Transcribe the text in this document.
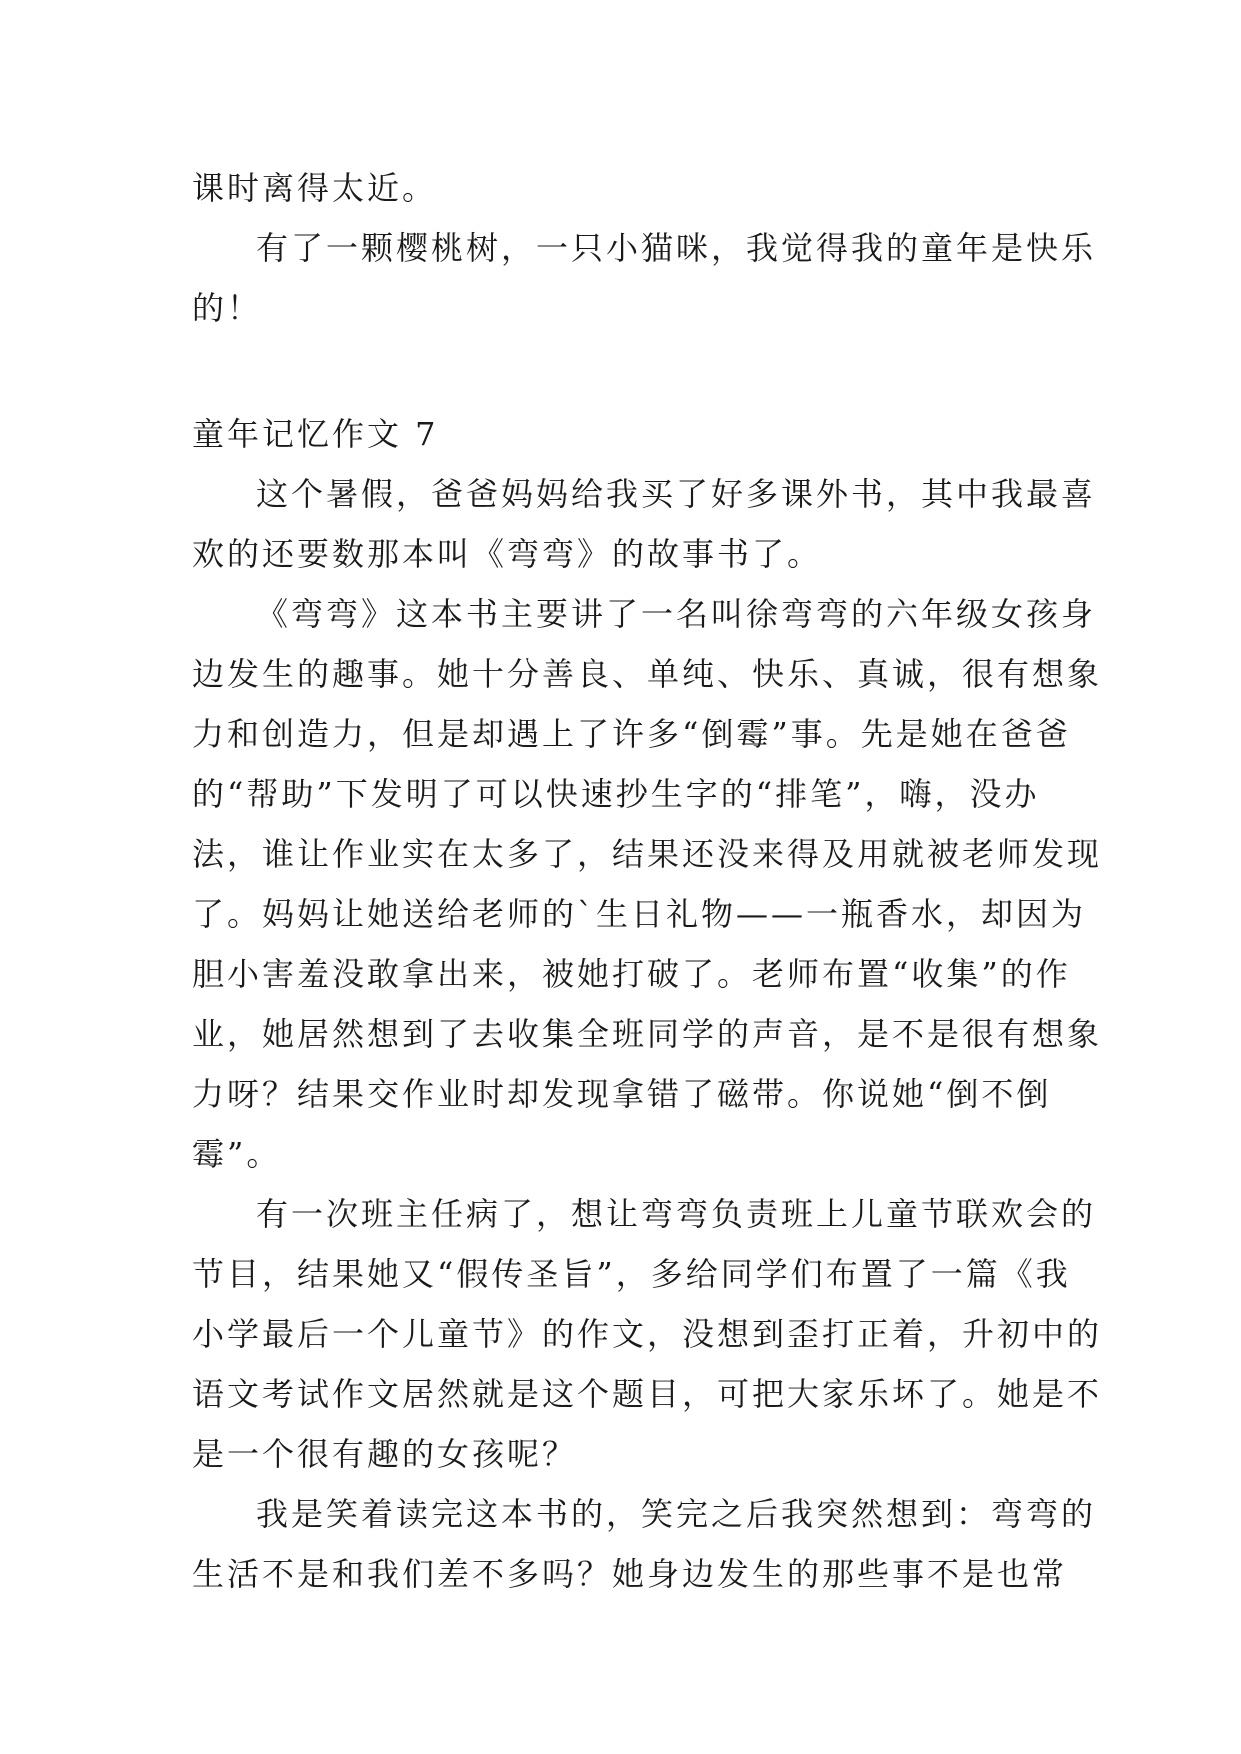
课时离得太近。
有了一颗樱桃树，一只小猫咪，我觉得我的童年是快乐
的！
童年记忆作文 7
这个暑假，爸爸妈妈给我买了好多课外书，其中我最喜
欢的还要数那本叫《弯弯》的故事书了。
《弯弯》这本书主要讲了一名叫徐弯弯的六年级女孩身
边发生的趣事。她十分善良、单纯、快乐、真诚，很有想象
力和创造力，但是却遇上了许多“倒霉”事。先是她在爸爸
的“帮助”下发明了可以快速抄生字的“排笔”，嗨，没办
法，谁让作业实在太多了，结果还没来得及用就被老师发现
了。妈妈让她送给老师的`生日礼物——一瓶香水，却因为
胆小害羞没敢拿出来，被她打破了。老师布置“收集”的作
业，她居然想到了去收集全班同学的声音，是不是很有想象
力呀？结果交作业时却发现拿错了磁带。你说她“倒不倒
霉”。
有一次班主任病了，想让弯弯负责班上儿童节联欢会的
节目，结果她又“假传圣旨”，多给同学们布置了一篇《我
小学最后一个儿童节》的作文，没想到歪打正着，升初中的
语文考试作文居然就是这个题目，可把大家乐坏了。她是不
是一个很有趣的女孩呢？
我是笑着读完这本书的，笑完之后我突然想到：弯弯的
生活不是和我们差不多吗？她身边发生的那些事不是也常
